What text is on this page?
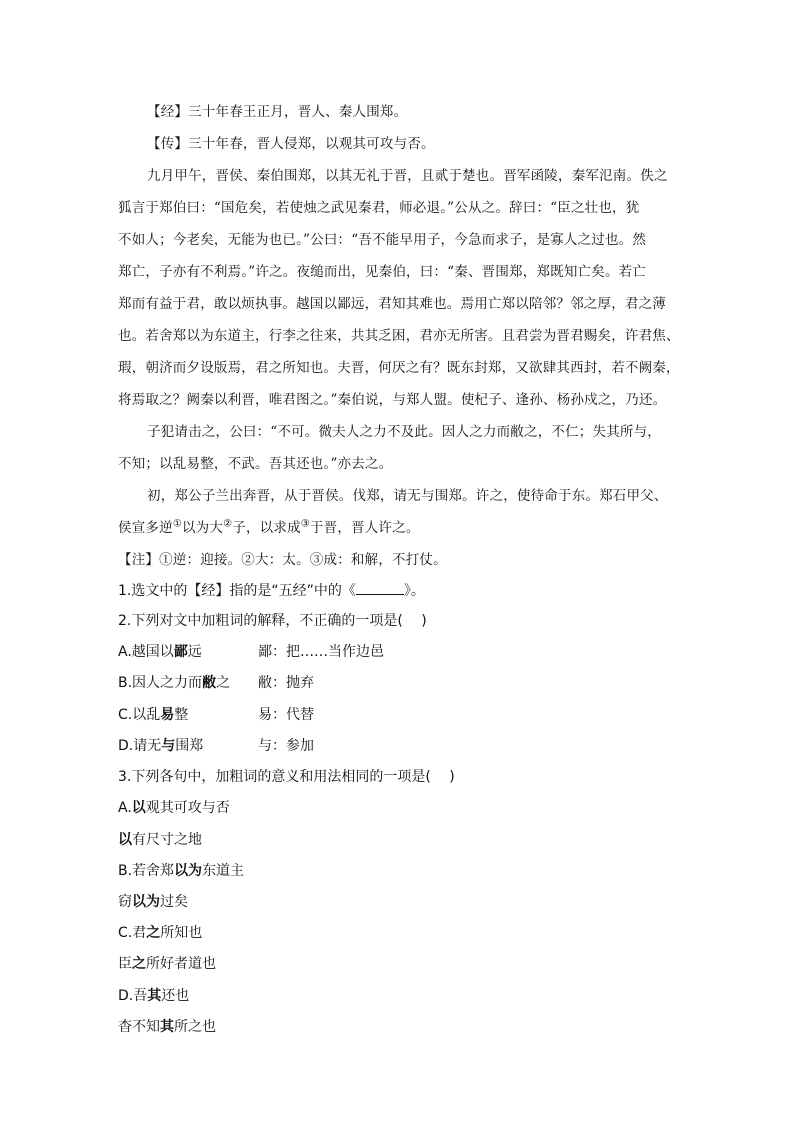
【经】三十年春王正月，晋人、秦人围郑。

【传】三十年春，晋人侵郑，以观其可攻与否。

九月甲午，晋侯、秦伯围郑，以其无礼于晋，且贰于楚也。晋军函陵，秦军氾南。佚之

狐言于郑伯曰：“国危矣，若使烛之武见秦君，师必退。”公从之。辞曰：“臣之壮也，犹

不如人；今老矣，无能为也已。”公曰：“吾不能早用子，今急而求子，是寡人之过也。然

郑亡，子亦有不利焉。”许之。夜缒而出，见秦伯，曰：“秦、晋围郑，郑既知亡矣。若亡

郑而有益于君，敢以烦执事。越国以鄙远，君知其难也。焉用亡郑以陪邻？邻之厚，君之薄

也。若舍郑以为东道主，行李之往来，共其乏困，君亦无所害。且君尝为晋君赐矣，许君焦、

瑕，朝济而夕设版焉，君之所知也。夫晋，何厌之有？既东封郑，又欲肆其西封，若不阙秦，

将焉取之？阙秦以利晋，唯君图之。”秦伯说，与郑人盟。使杞子、逢孙、杨孙戍之，乃还。

子犯请击之，公曰：“不可。微夫人之力不及此。因人之力而敝之，不仁；失其所与，

不知；以乱易整，不武。吾其还也。”亦去之。

初，郑公子兰出奔晋，从于晋侯。伐郑，请无与围郑。许之，使待命于东。郑石甲父、

侯宣多逆①以为大②子，以求成③于晋，晋人许之。

【注】①逆：迎接。②大：太。③成：和解，不打仗。

1.选文中的【经】指的是“五经”中的《	》。

2.下列对文中加粗词的解释，不正确的一项是(　 )

A.越国以鄙远	鄙：把……当作边邑

B.因人之力而敝之 敝：抛弃

C.以乱易整	易：代替

D.请无与围郑	与：参加

3.下列各句中，加粗词的意义和用法相同的一项是(　 )

A.以观其可攻与否

以有尺寸之地

B.若舍郑以为东道主

窃以为过矣

C.君之所知也

臣之所好者道也

D.吾其还也

杳不知其所之也
